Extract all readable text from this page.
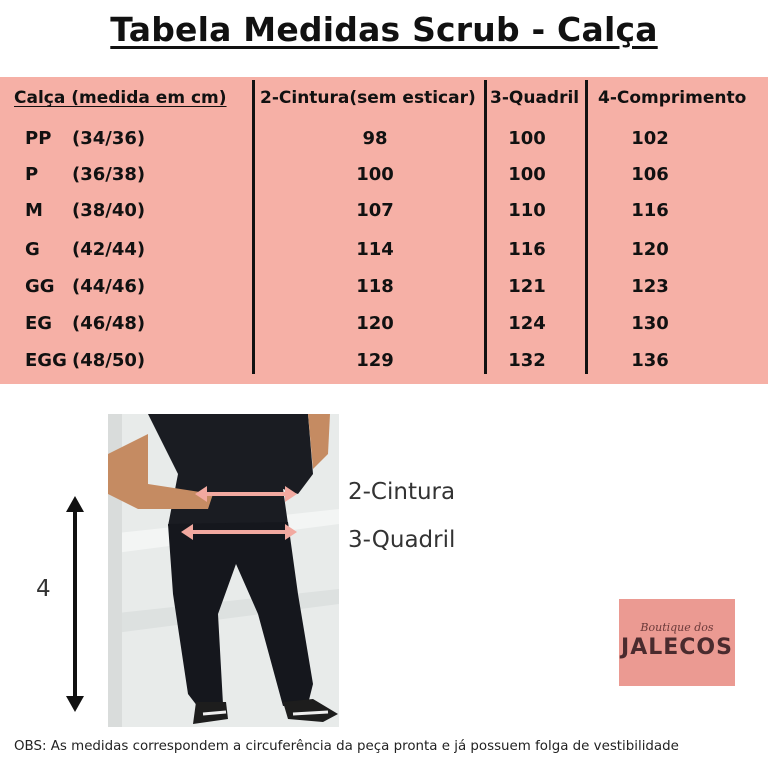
Tabela Medidas Scrub - Calça
Calça (medida em cm) 2-Cintura(sem esticar) 3-Quadril 4-Comprimento
PP (34/36)	98	100	102
P (36/38)	100	100	106
M (38/40)	107	110	116
G (42/44)	114	116	120
GG (44/46)	118	121	123
EG (46/48)	120	124	130
EGG (48/50)	129	132	136
2-Cintura
3-Quadril
4
Boutique dos
JALECOS
OBS: As medidas correspondem a circuferência da peça pronta e já possuem folga de vestibilidade
